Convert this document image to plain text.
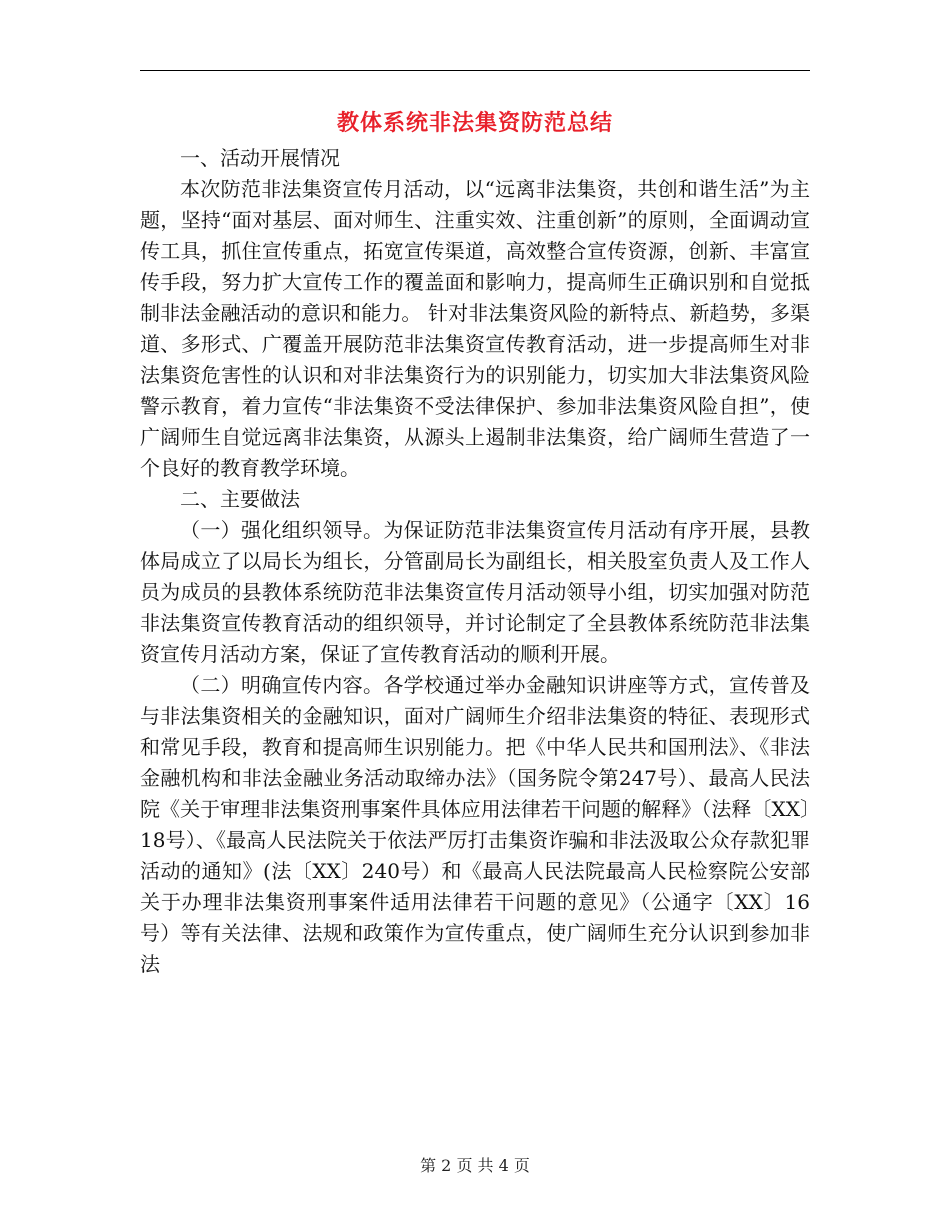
教体系统非法集资防范总结

一、活动开展情况

本次防范非法集资宣传月活动，以“远离非法集资，共创和谐生活”为主题，坚持“面对基层、面对师生、注重实效、注重创新”的原则，全面调动宣传工具，抓住宣传重点，拓宽宣传渠道，高效整合宣传资源，创新、丰富宣传手段，努力扩大宣传工作的覆盖面和影响力，提高师生正确识别和自觉抵制非法金融活动的意识和能力。 针对非法集资风险的新特点、新趋势，多渠道、多形式、广覆盖开展防范非法集资宣传教育活动，进一步提高师生对非法集资危害性的认识和对非法集资行为的识别能力，切实加大非法集资风险警示教育，着力宣传“非法集资不受法律保护、参加非法集资风险自担”，使广阔师生自觉远离非法集资，从源头上遏制非法集资，给广阔师生营造了一个良好的教育教学环境。

二、主要做法

（一）强化组织领导。为保证防范非法集资宣传月活动有序开展，县教体局成立了以局长为组长，分管副局长为副组长，相关股室负责人及工作人员为成员的县教体系统防范非法集资宣传月活动领导小组，切实加强对防范非法集资宣传教育活动的组织领导，并讨论制定了全县教体系统防范非法集资宣传月活动方案，保证了宣传教育活动的顺利开展。

（二）明确宣传内容。各学校通过举办金融知识讲座等方式，宣传普及与非法集资相关的金融知识，面对广阔师生介绍非法集资的特征、表现形式和常见手段，教育和提高师生识别能力。把《中华人民共和国刑法》、《非法金融机构和非法金融业务活动取缔办法》（国务院令第247号）、最高人民法院《关于审理非法集资刑事案件具体应用法律若干问题的解释》（法释〔XX〕18号）、《最高人民法院关于依法严厉打击集资诈骗和非法汲取公众存款犯罪活动的通知》(法〔XX〕240号）和《最高人民法院最高人民检察院公安部关于办理非法集资刑事案件适用法律若干问题的意见》（公通字〔XX〕16号）等有关法律、法规和政策作为宣传重点，使广阔师生充分认识到参加非法

第 2 页 共 4 页
